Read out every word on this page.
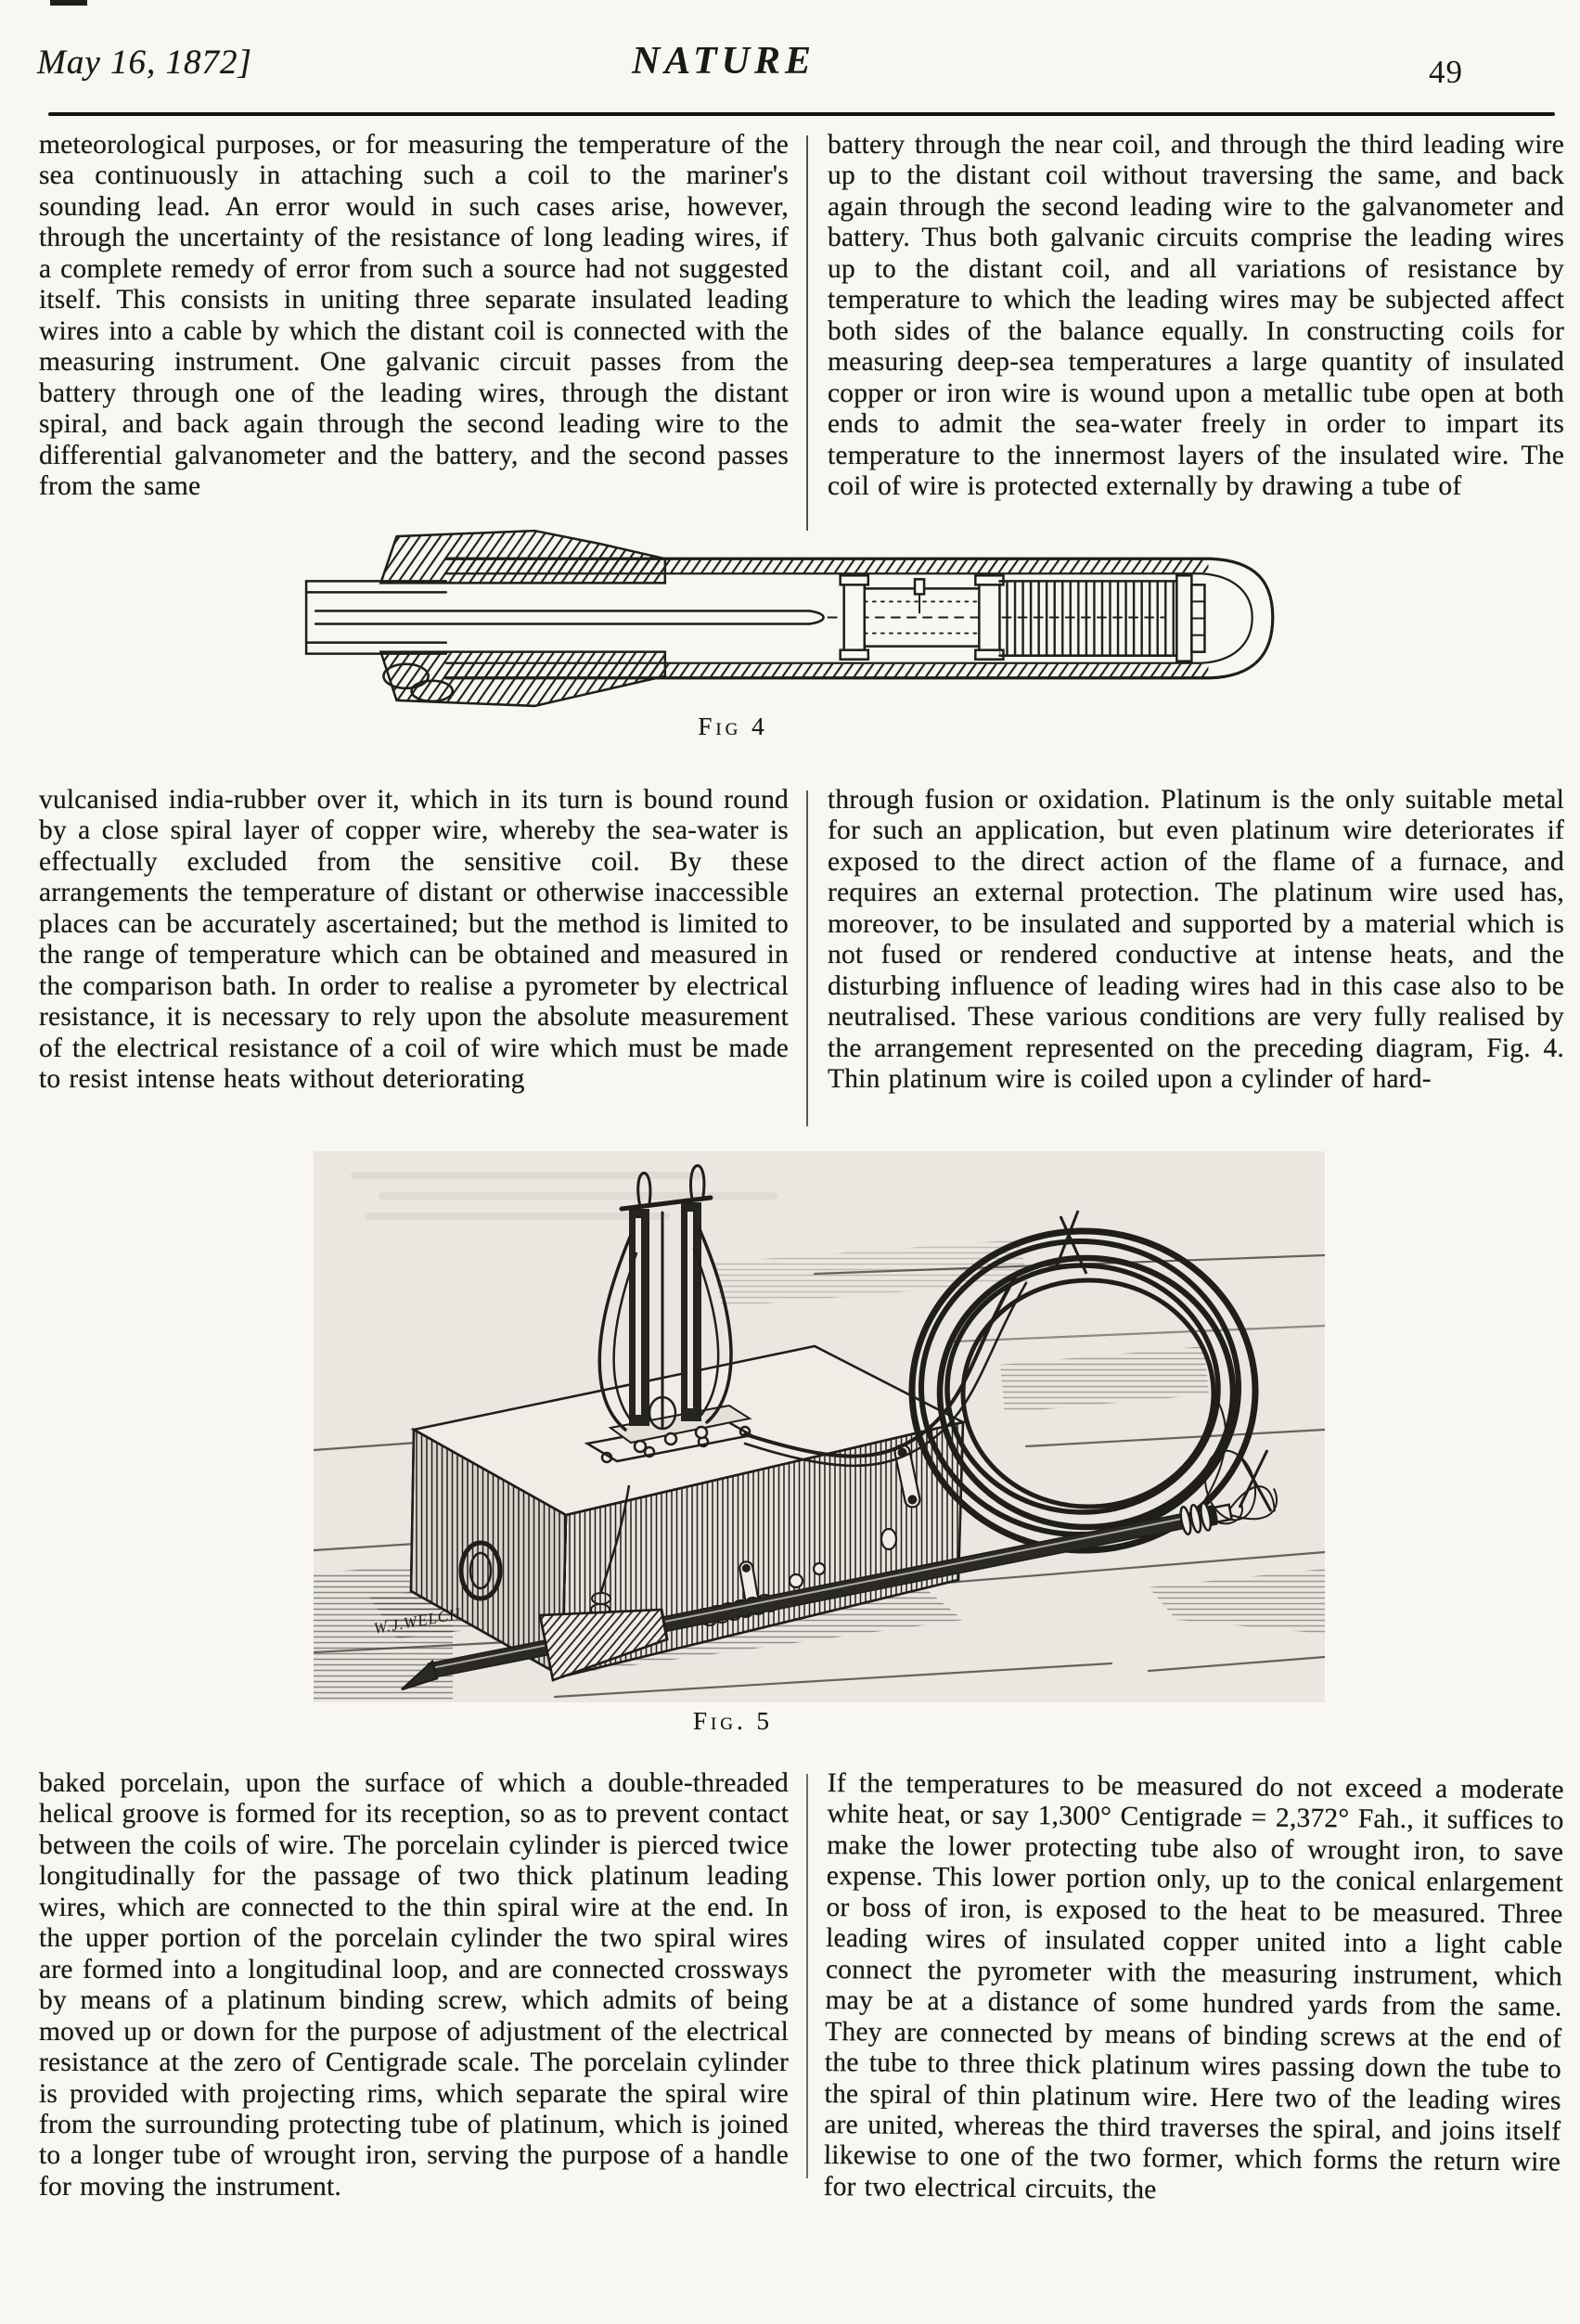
May 16, 1872]	NATURE	49
meteorological purposes, or for measuring the temperature of the sea continuously in attaching such a coil to the mariner's sounding lead. An error would in such cases arise, however, through the uncertainty of the resistance of long leading wires, if a complete remedy of error from such a source had not suggested itself. This consists in uniting three separate insulated leading wires into a cable by which the distant coil is connected with the measuring instrument. One galvanic circuit passes from the battery through one of the leading wires, through the distant spiral, and back again through the second leading wire to the differential galvanometer and the battery, and the second passes from the same
battery through the near coil, and through the third leading wire up to the distant coil without traversing the same, and back again through the second leading wire to the galvanometer and battery. Thus both galvanic circuits comprise the leading wires up to the distant coil, and all variations of resistance by temperature to which the leading wires may be subjected affect both sides of the balance equally. In constructing coils for measuring deep-sea temperatures a large quantity of insulated copper or iron wire is wound upon a metallic tube open at both ends to admit the sea-water freely in order to impart its temperature to the innermost layers of the insulated wire. The coil of wire is protected externally by drawing a tube of
Fig 4
vulcanised india-rubber over it, which in its turn is bound round by a close spiral layer of copper wire, whereby the sea-water is effectually excluded from the sensitive coil. By these arrangements the temperature of distant or otherwise inaccessible places can be accurately ascertained; but the method is limited to the range of temperature which can be obtained and measured in the comparison bath. In order to realise a pyrometer by electrical resistance, it is necessary to rely upon the absolute measurement of the electrical resistance of a coil of wire which must be made to resist intense heats without deteriorating
through fusion or oxidation. Platinum is the only suitable metal for such an application, but even platinum wire deteriorates if exposed to the direct action of the flame of a furnace, and requires an external protection. The platinum wire used has, moreover, to be insulated and supported by a material which is not fused or rendered conductive at intense heats, and the disturbing influence of leading wires had in this case also to be neutralised. These various conditions are very fully realised by the arrangement represented on the preceding diagram, Fig. 4. Thin platinum wire is coiled upon a cylinder of hard-
W.J.WELCH
Fig. 5
baked porcelain, upon the surface of which a double-threaded helical groove is formed for its reception, so as to prevent contact between the coils of wire. The porcelain cylinder is pierced twice longitudinally for the passage of two thick platinum leading wires, which are connected to the thin spiral wire at the end. In the upper portion of the porcelain cylinder the two spiral wires are formed into a longitudinal loop, and are connected crossways by means of a platinum binding screw, which admits of being moved up or down for the purpose of adjustment of the electrical resistance at the zero of Centigrade scale. The porcelain cylinder is provided with projecting rims, which separate the spiral wire from the surrounding protecting tube of platinum, which is joined to a longer tube of wrought iron, serving the purpose of a handle for moving the instrument.
If the temperatures to be measured do not exceed a moderate white heat, or say 1,300° Centigrade = 2,372° Fah., it suffices to make the lower protecting tube also of wrought iron, to save expense. This lower portion only, up to the conical enlargement or boss of iron, is exposed to the heat to be measured. Three leading wires of insulated copper united into a light cable connect the pyrometer with the measuring instrument, which may be at a distance of some hundred yards from the same. They are connected by means of binding screws at the end of the tube to three thick platinum wires passing down the tube to the spiral of thin platinum wire. Here two of the leading wires are united, whereas the third traverses the spiral, and joins itself likewise to one of the two former, which forms the return wire for two electrical circuits, the
